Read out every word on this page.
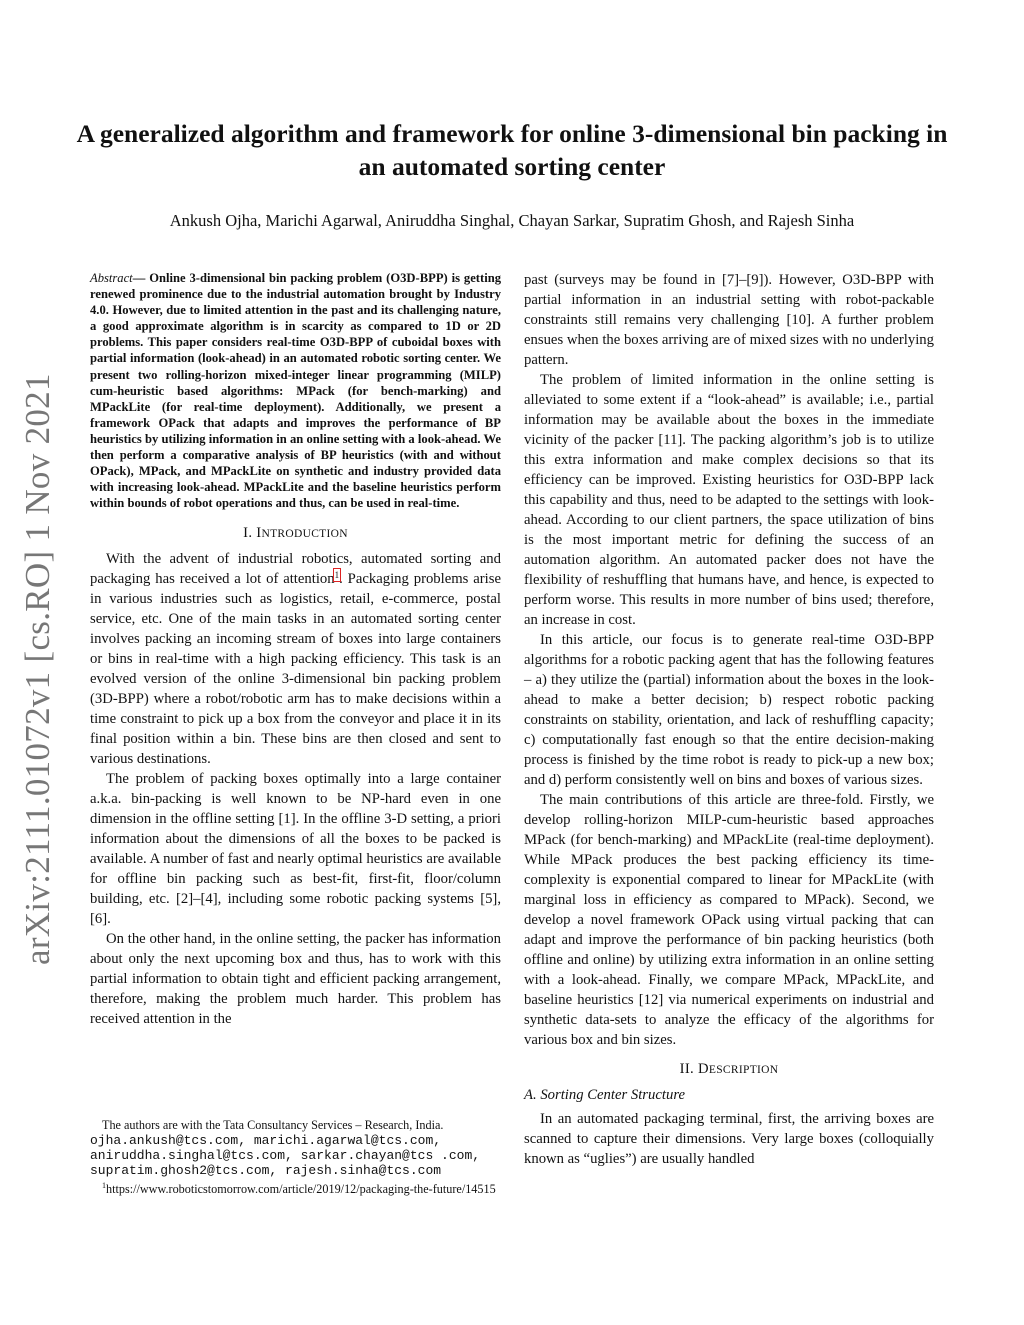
arXiv:2111.01072v1 [cs.RO] 1 Nov 2021
A generalized algorithm and framework for online 3-dimensional bin packing in an automated sorting center
Ankush Ojha, Marichi Agarwal, Aniruddha Singhal, Chayan Sarkar, Supratim Ghosh, and Rajesh Sinha
Abstract— Online 3-dimensional bin packing problem (O3D-BPP) is getting renewed prominence due to the industrial automation brought by Industry 4.0. However, due to limited attention in the past and its challenging nature, a good approximate algorithm is in scarcity as compared to 1D or 2D problems. This paper considers real-time O3D-BPP of cuboidal boxes with partial information (look-ahead) in an automated robotic sorting center. We present two rolling-horizon mixed-integer linear programming (MILP) cum-heuristic based algorithms: MPack (for bench-marking) and MPackLite (for real-time deployment). Additionally, we present a framework OPack that adapts and improves the performance of BP heuristics by utilizing information in an online setting with a look-ahead. We then perform a comparative analysis of BP heuristics (with and without OPack), MPack, and MPackLite on synthetic and industry provided data with increasing look-ahead. MPackLite and the baseline heuristics perform within bounds of robot operations and thus, can be used in real-time.
I. INTRODUCTION

With the advent of industrial robotics, automated sorting and packaging has received a lot of attention$^1$. Packaging problems arise in various industries such as logistics, retail, e-commerce, postal service, etc. One of the main tasks in an automated sorting center involves packing an incoming stream of boxes into large containers or bins in real-time with a high packing efficiency. This task is an evolved version of the online 3-dimensional bin packing problem (3D-BPP) where a robot/robotic arm has to make decisions within a time constraint to pick up a box from the conveyor and place it in its final position within a bin. These bins are then closed and sent to various destinations.

The problem of packing boxes optimally into a large container a.k.a. bin-packing is well known to be NP-hard even in one dimension in the offline setting [1]. In the offline 3-D setting, a priori information about the dimensions of all the boxes to be packed is available. A number of fast and nearly optimal heuristics are available for offline bin packing such as best-fit, first-fit, floor/column building, etc. [2]–[4], including some robotic packing systems [5], [6].

On the other hand, in the online setting, the packer has information about only the next upcoming box and thus, has to work with this partial information to obtain tight and efficient packing arrangement, therefore, making the problem much harder. This problem has received attention in the

The authors are with the Tata Consultancy Services – Research, India.
ojha.ankush@tcs.com, marichi.agarwal@tcs.com, aniruddha.singhal@tcs.com, sarkar.chayan@tcs .com, supratim.ghosh2@tcs.com, rajesh.sinha@tcs.com
$^1$https://www.roboticstomorrow.com/article/2019/12/packaging-the-future/14515

past (surveys may be found in [7]–[9]). However, O3D-BPP with partial information in an industrial setting with robot-packable constraints still remains very challenging [10]. A further problem ensues when the boxes arriving are of mixed sizes with no underlying pattern.

The problem of limited information in the online setting is alleviated to some extent if a “look-ahead” is available; i.e., partial information may be available about the boxes in the immediate vicinity of the packer [11]. The packing algorithm’s job is to utilize this extra information and make complex decisions so that its efficiency can be improved. Existing heuristics for O3D-BPP lack this capability and thus, need to be adapted to the settings with look-ahead. According to our client partners, the space utilization of bins is the most important metric for defining the success of an automation algorithm. An automated packer does not have the flexibility of reshuffling that humans have, and hence, is expected to perform worse. This results in more number of bins used; therefore, an increase in cost.

In this article, our focus is to generate real-time O3D-BPP algorithms for a robotic packing agent that has the following features – a) they utilize the (partial) information about the boxes in the look-ahead to make a better decision; b) respect robotic packing constraints on stability, orientation, and lack of reshuffling capacity; c) computationally fast enough so that the entire decision-making process is finished by the time robot is ready to pick-up a new box; and d) perform consistently well on bins and boxes of various sizes.

The main contributions of this article are three-fold. Firstly, we develop rolling-horizon MILP-cum-heuristic based approaches MPack (for bench-marking) and MPackLite (real-time deployment). While MPack produces the best packing efficiency its time-complexity is exponential compared to linear for MPackLite (with marginal loss in efficiency as compared to MPack). Second, we develop a novel framework OPack using virtual packing that can adapt and improve the performance of bin packing heuristics (both offline and online) by utilizing extra information in an online setting with a look-ahead. Finally, we compare MPack, MPackLite, and baseline heuristics [12] via numerical experiments on industrial and synthetic data-sets to analyze the efficacy of the algorithms for various box and bin sizes.

II. DESCRIPTION
A. Sorting Center Structure

In an automated packaging terminal, first, the arriving boxes are scanned to capture their dimensions. Very large boxes (colloquially known as “uglies”) are usually handled
